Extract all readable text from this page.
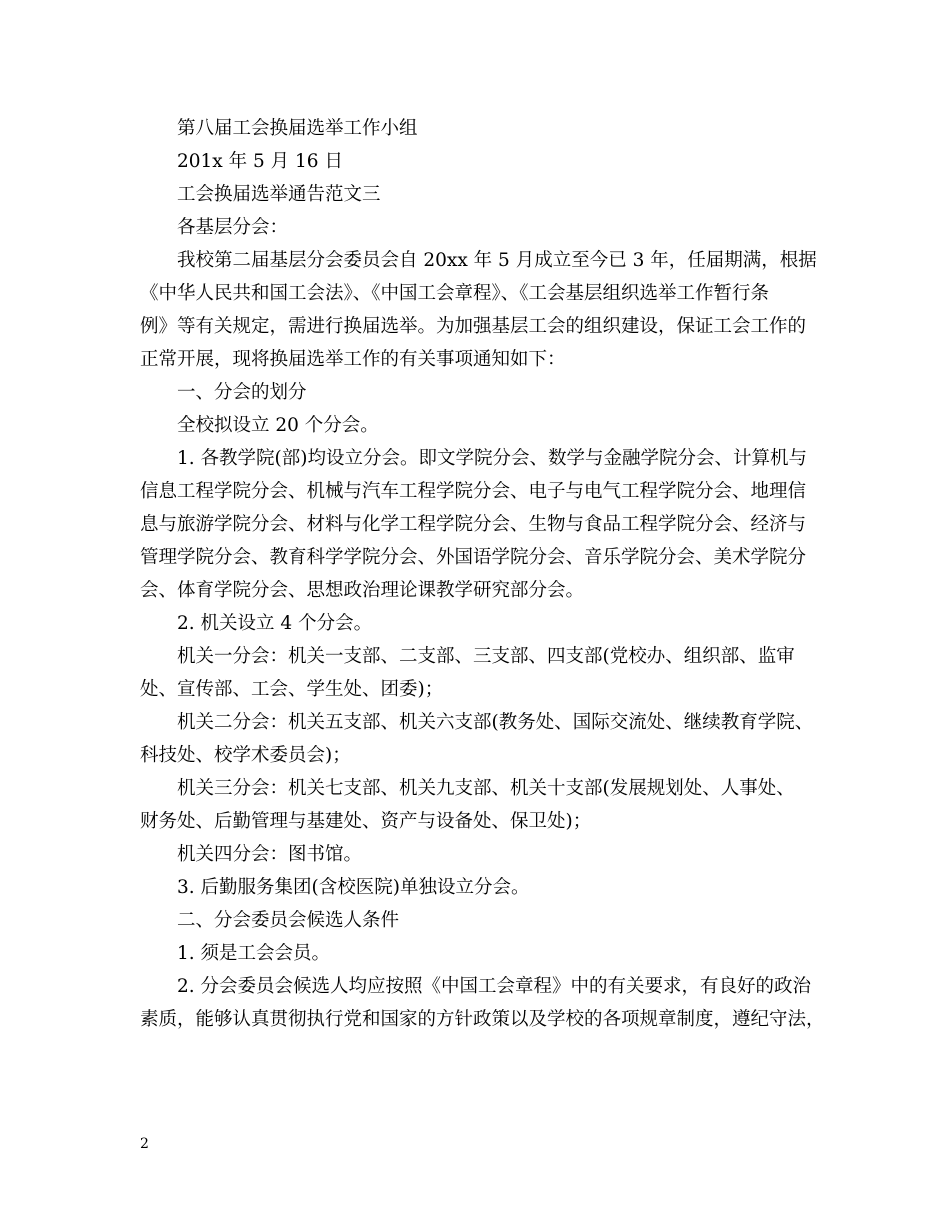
第八届工会换届选举工作小组

201x 年 5 月 16 日

工会换届选举通告范文三

各基层分会：

我校第二届基层分会委员会自 20xx 年 5 月成立至今已 3 年，任届期满，根据

《中华人民共和国工会法》、《中国工会章程》、《工会基层组织选举工作暂行条

例》等有关规定，需进行换届选举。为加强基层工会的组织建设，保证工会工作的

正常开展，现将换届选举工作的有关事项通知如下：

一、分会的划分

全校拟设立 20 个分会。

1. 各教学院(部)均设立分会。即文学院分会、数学与金融学院分会、计算机与

信息工程学院分会、机械与汽车工程学院分会、电子与电气工程学院分会、地理信

息与旅游学院分会、材料与化学工程学院分会、生物与食品工程学院分会、经济与

管理学院分会、教育科学学院分会、外国语学院分会、音乐学院分会、美术学院分

会、体育学院分会、思想政治理论课教学研究部分会。

2. 机关设立 4 个分会。

机关一分会：机关一支部、二支部、三支部、四支部(党校办、组织部、监审

处、宣传部、工会、学生处、团委)；

机关二分会：机关五支部、机关六支部(教务处、国际交流处、继续教育学院、

科技处、校学术委员会)；

机关三分会：机关七支部、机关九支部、机关十支部(发展规划处、人事处、

财务处、后勤管理与基建处、资产与设备处、保卫处)；

机关四分会：图书馆。

3. 后勤服务集团(含校医院)单独设立分会。

二、分会委员会候选人条件

1. 须是工会会员。

2. 分会委员会候选人均应按照《中国工会章程》中的有关要求，有良好的政治

素质，能够认真贯彻执行党和国家的方针政策以及学校的各项规章制度，遵纪守法，

2
